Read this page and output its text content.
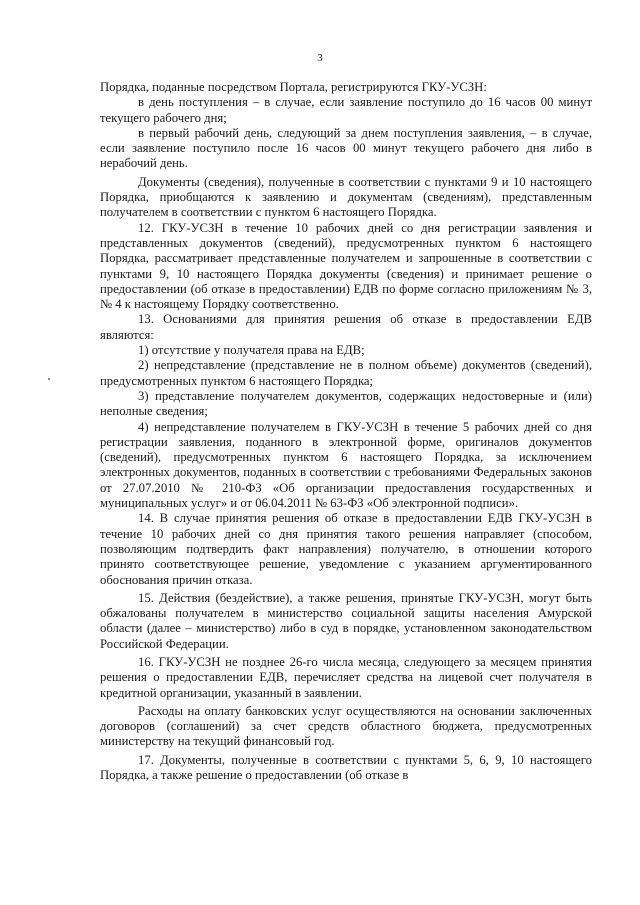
3

Порядка, поданные посредством Портала, регистрируются ГКУ-УСЗН:

в день поступления – в случае, если заявление поступило до 16 часов 00 минут текущего рабочего дня;

в первый рабочий день, следующий за днем поступления заявления, – в случае, если заявление поступило после 16 часов 00 минут текущего рабочего дня либо в нерабочий день.

Документы (сведения), полученные в соответствии с пунктами 9 и 10 настоящего Порядка, приобщаются к заявлению и документам (сведениям), представленным получателем в соответствии с пунктом 6 настоящего Порядка.

12. ГКУ-УСЗН в течение 10 рабочих дней со дня регистрации заявления и представленных документов (сведений), предусмотренных пунктом 6 настоящего Порядка, рассматривает представленные получателем и запрошенные в соответствии с пунктами 9, 10 настоящего Порядка документы (сведения) и принимает решение о предоставлении (об отказе в предоставлении) ЕДВ по форме согласно приложениям № 3, № 4 к настоящему Порядку соответственно.

13. Основаниями для принятия решения об отказе в предоставлении ЕДВ являются:

1) отсутствие у получателя права на ЕДВ;

2) непредставление (представление не в полном объеме) документов (сведений), предусмотренных пунктом 6 настоящего Порядка;

3) представление получателем документов, содержащих недостоверные и (или) неполные сведения;

4) непредставление получателем в ГКУ-УСЗН в течение 5 рабочих дней со дня регистрации заявления, поданного в электронной форме, оригиналов документов (сведений), предусмотренных пунктом 6 настоящего Порядка, за исключением электронных документов, поданных в соответствии с требованиями Федеральных законов от 27.07.2010 № 210-ФЗ «Об организации предоставления государственных и муниципальных услуг» и от 06.04.2011 № 63-ФЗ «Об электронной подписи».

14. В случае принятия решения об отказе в предоставлении ЕДВ ГКУ-УСЗН в течение 10 рабочих дней со дня принятия такого решения направляет (способом, позволяющим подтвердить факт направления) получателю, в отношении которого принято соответствующее решение, уведомление с указанием аргументированного обоснования причин отказа.

15. Действия (бездействие), а также решения, принятые ГКУ-УСЗН, могут быть обжалованы получателем в министерство социальной защиты населения Амурской области (далее – министерство) либо в суд в порядке, установленном законодательством Российской Федерации.

16. ГКУ-УСЗН не позднее 26-го числа месяца, следующего за месяцем принятия решения о предоставлении ЕДВ, перечисляет средства на лицевой счет получателя в кредитной организации, указанный в заявлении.

Расходы на оплату банковских услуг осуществляются на основании заключенных договоров (соглашений) за счет средств областного бюджета, предусмотренных министерству на текущий финансовый год.

17. Документы, полученные в соответствии с пунктами 5, 6, 9, 10 настоящего Порядка, а также решение о предоставлении (об отказе в
